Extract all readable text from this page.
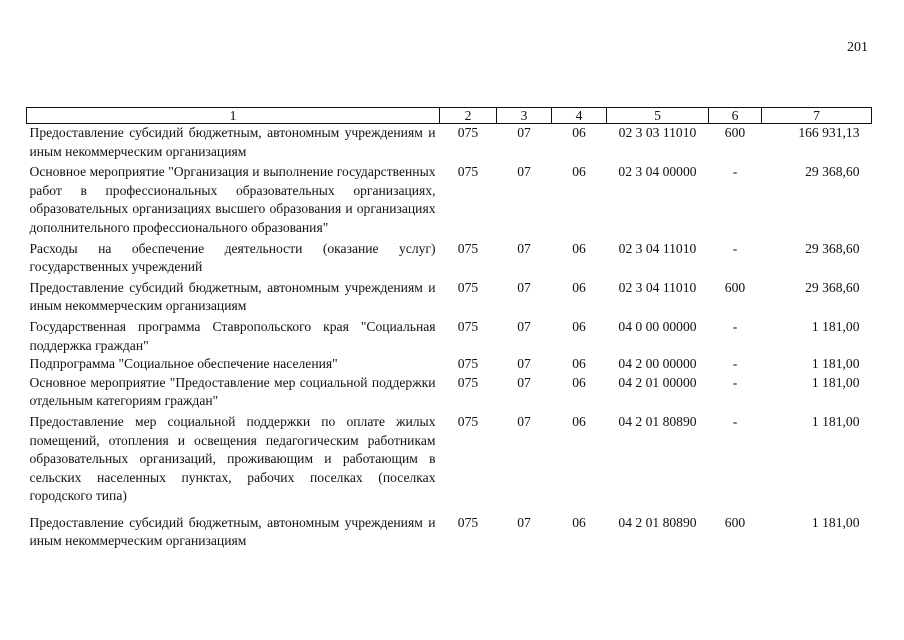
201
1	2	3	4	5	6	7
Предоставление субсидий бюджетным, автономным учреждениям и иным некоммерческим организациям	075	07	06	02 3 03 11010	600	166 931,13
Основное мероприятие "Организация и выполнение государственных работ в профессиональных образовательных организациях, образовательных организациях высшего образования и организациях дополнительного профессионального образования"	075	07	06	02 3 04 00000	-	29 368,60
Расходы на обеспечение деятельности (оказание услуг) государственных учреждений	075	07	06	02 3 04 11010	-	29 368,60
Предоставление субсидий бюджетным, автономным учреждениям и иным некоммерческим организациям	075	07	06	02 3 04 11010	600	29 368,60
Государственная программа Ставропольского края "Социальная поддержка граждан"	075	07	06	04 0 00 00000	-	1 181,00
Подпрограмма "Социальное обеспечение населения"	075	07	06	04 2 00 00000	-	1 181,00
Основное мероприятие "Предоставление мер социальной поддержки отдельным категориям граждан"	075	07	06	04 2 01 00000	-	1 181,00
Предоставление мер социальной поддержки по оплате жилых помещений, отопления и освещения педагогическим работникам образовательных организаций, проживающим и работающим в сельских населенных пунктах, рабочих поселках (поселках городского типа)	075	07	06	04 2 01 80890	-	1 181,00
Предоставление субсидий бюджетным, автономным учреждениям и иным некоммерческим организациям	075	07	06	04 2 01 80890	600	1 181,00
